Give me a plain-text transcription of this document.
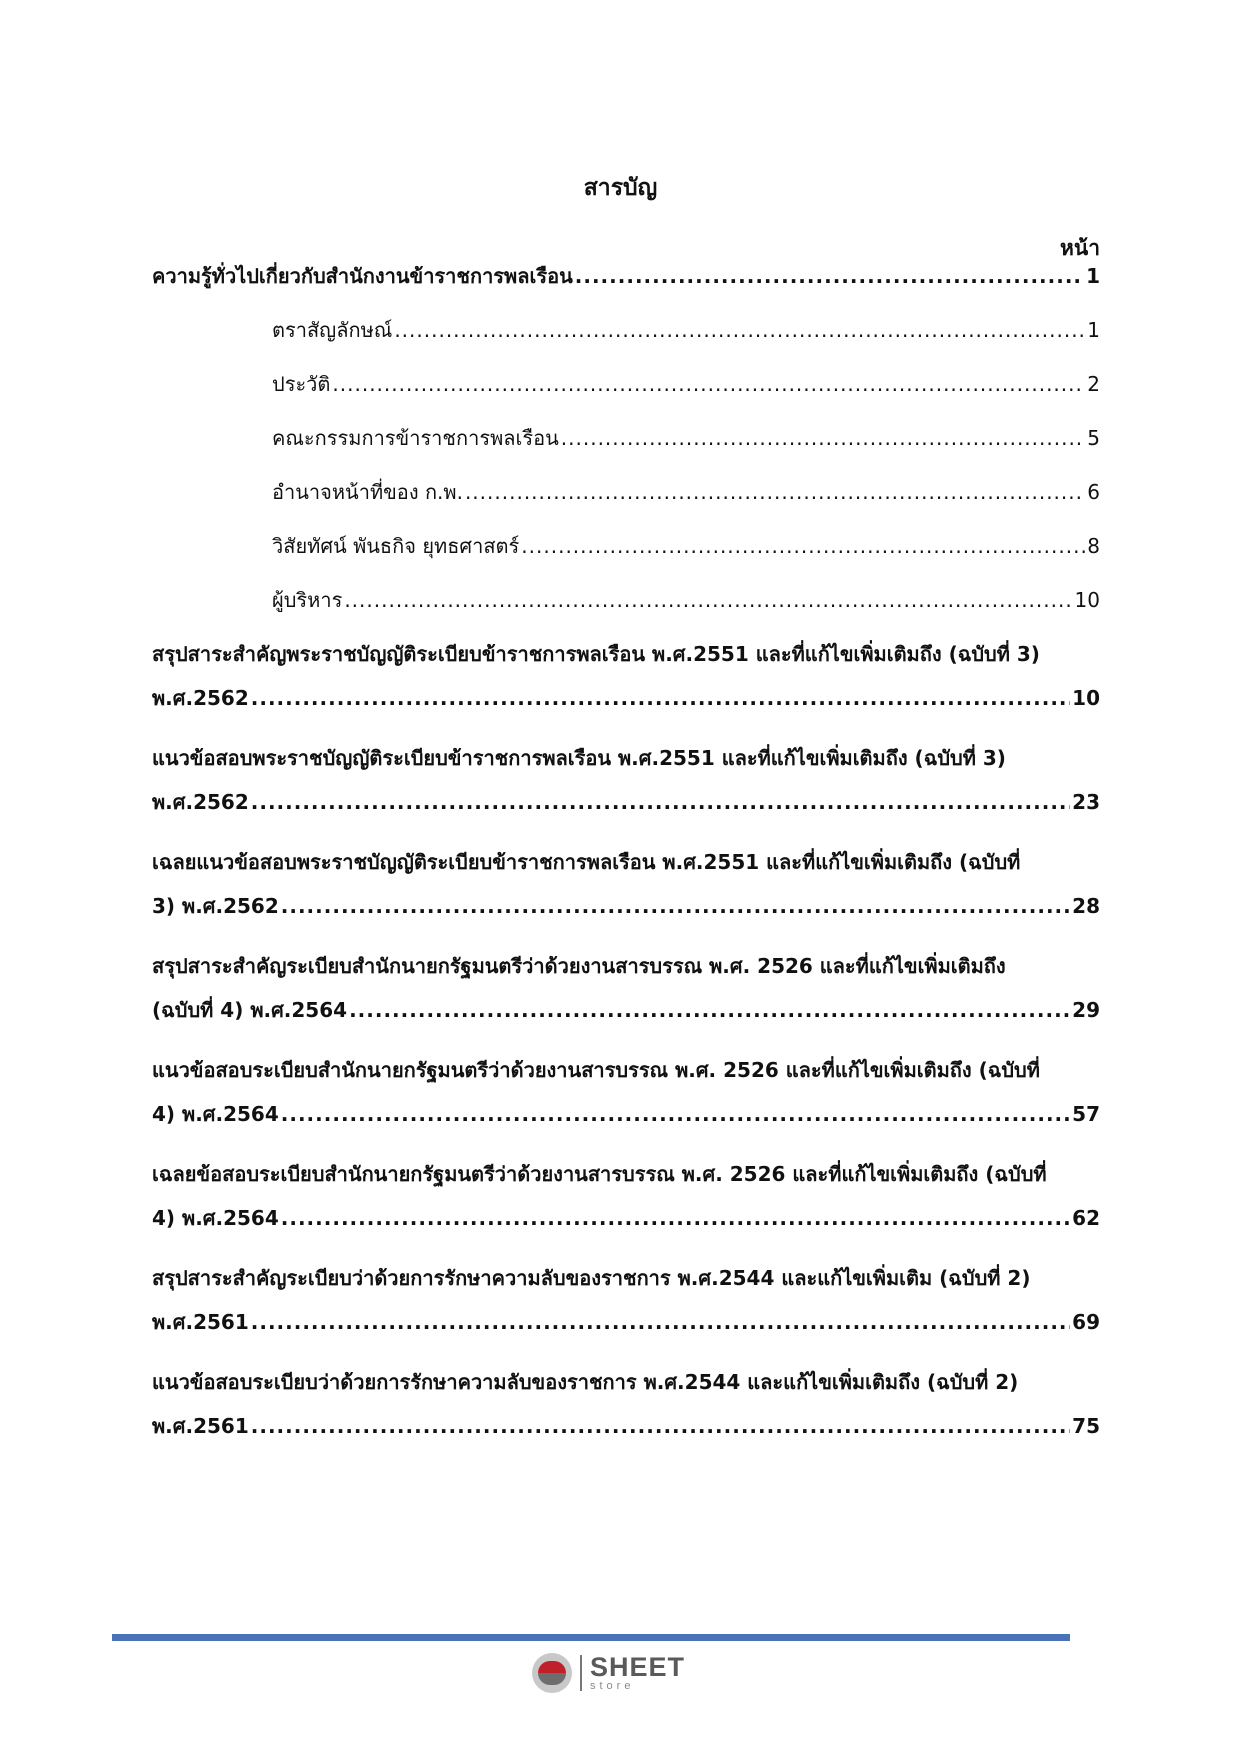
สารบัญ
หน้า
ความรู้ทั่วไปเกี่ยวกับสำนักงานข้าราชการพลเรือน .....	1
ตราสัญลักษณ์ .....	1
ประวัติ .....	2
คณะกรรมการข้าราชการพลเรือน .....	5
อำนาจหน้าที่ของ ก.พ. .....	6
วิสัยทัศน์ พันธกิจ ยุทธศาสตร์ .....	8
ผู้บริหาร .....	10
สรุปสาระสำคัญพระราชบัญญัติระเบียบข้าราชการพลเรือน พ.ศ.2551 และที่แก้ไขเพิ่มเติมถึง (ฉบับที่ 3)
พ.ศ.2562 .....	10
แนวข้อสอบพระราชบัญญัติระเบียบข้าราชการพลเรือน พ.ศ.2551 และที่แก้ไขเพิ่มเติมถึง (ฉบับที่ 3)
พ.ศ.2562 .....	23
เฉลยแนวข้อสอบพระราชบัญญัติระเบียบข้าราชการพลเรือน พ.ศ.2551 และที่แก้ไขเพิ่มเติมถึง (ฉบับที่
3) พ.ศ.2562 .....	28
สรุปสาระสำคัญระเบียบสำนักนายกรัฐมนตรีว่าด้วยงานสารบรรณ พ.ศ. 2526 และที่แก้ไขเพิ่มเติมถึง
(ฉบับที่ 4) พ.ศ.2564 .....	29
แนวข้อสอบระเบียบสำนักนายกรัฐมนตรีว่าด้วยงานสารบรรณ พ.ศ. 2526 และที่แก้ไขเพิ่มเติมถึง (ฉบับที่
4) พ.ศ.2564 .....	57
เฉลยข้อสอบระเบียบสำนักนายกรัฐมนตรีว่าด้วยงานสารบรรณ พ.ศ. 2526 และที่แก้ไขเพิ่มเติมถึง (ฉบับที่
4) พ.ศ.2564 .....	62
สรุปสาระสำคัญระเบียบว่าด้วยการรักษาความลับของราชการ พ.ศ.2544 และแก้ไขเพิ่มเติม (ฉบับที่ 2)
พ.ศ.2561 .....	69
แนวข้อสอบระเบียบว่าด้วยการรักษาความลับของราชการ พ.ศ.2544 และแก้ไขเพิ่มเติมถึง (ฉบับที่ 2)
พ.ศ.2561 .....	75
SHEET
store
